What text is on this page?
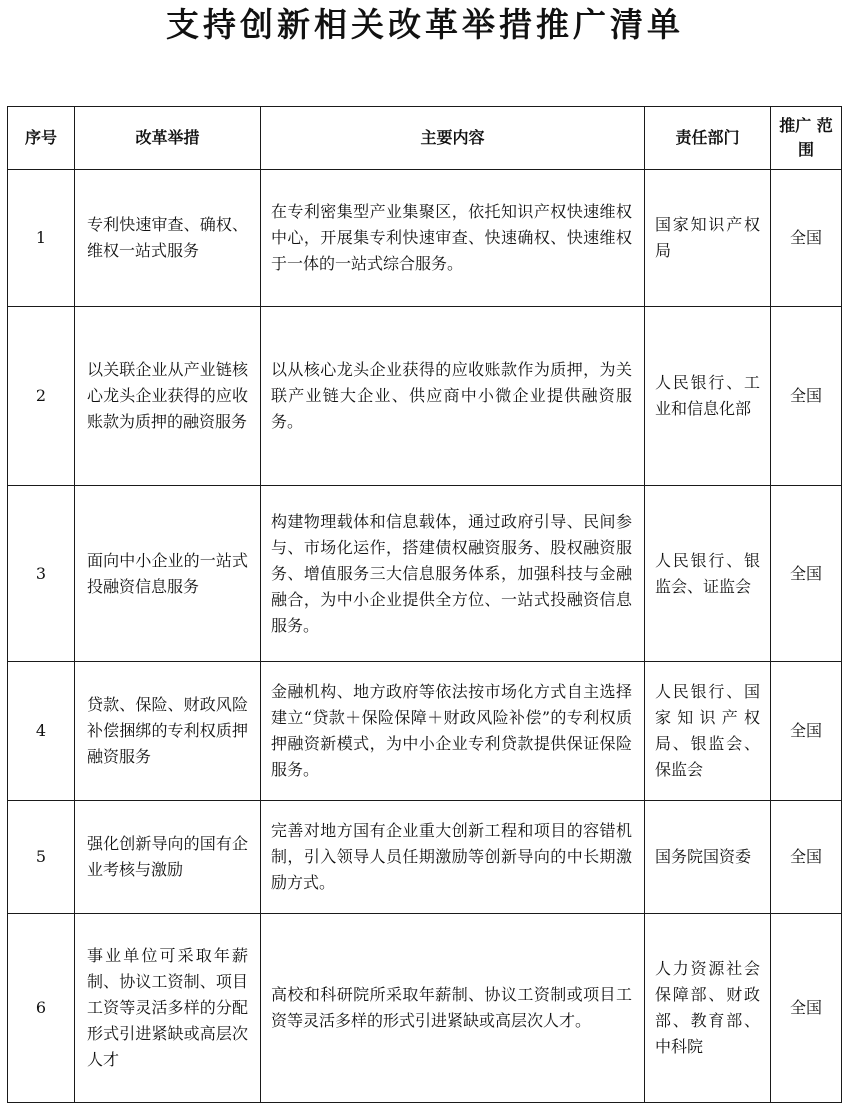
支持创新相关改革举措推广清单
序号	改革举措	主要内容	责任部门	推广 范围
1	专利快速审查、确权、维权一站式服务	在专利密集型产业集聚区，依托知识产权快速维权中心，开展集专利快速审查、快速确权、快速维权于一体的一站式综合服务。	国家知识产权局	全国
2	以关联企业从产业链核心龙头企业获得的应收账款为质押的融资服务	以从核心龙头企业获得的应收账款作为质押，为关联产业链大企业、供应商中小微企业提供融资服务。	人民银行、工业和信息化部	全国
3	面向中小企业的一站式投融资信息服务	构建物理载体和信息载体，通过政府引导、民间参与、市场化运作，搭建债权融资服务、股权融资服务、增值服务三大信息服务体系，加强科技与金融融合，为中小企业提供全方位、一站式投融资信息服务。	人民银行、银监会、证监会	全国
4	贷款、保险、财政风险补偿捆绑的专利权质押融资服务	金融机构、地方政府等依法按市场化方式自主选择建立“贷款＋保险保障＋财政风险补偿”的专利权质押融资新模式，为中小企业专利贷款提供保证保险服务。	人民银行、国家知识产权局、银监会、保监会	全国
5	强化创新导向的国有企业考核与激励	完善对地方国有企业重大创新工程和项目的容错机制，引入领导人员任期激励等创新导向的中长期激励方式。	国务院国资委	全国
6	事业单位可采取年薪制、协议工资制、项目工资等灵活多样的分配形式引进紧缺或高层次人才	高校和科研院所采取年薪制、协议工资制或项目工资等灵活多样的形式引进紧缺或高层次人才。	人力资源社会保障部、财政部、教育部、中科院	全国
